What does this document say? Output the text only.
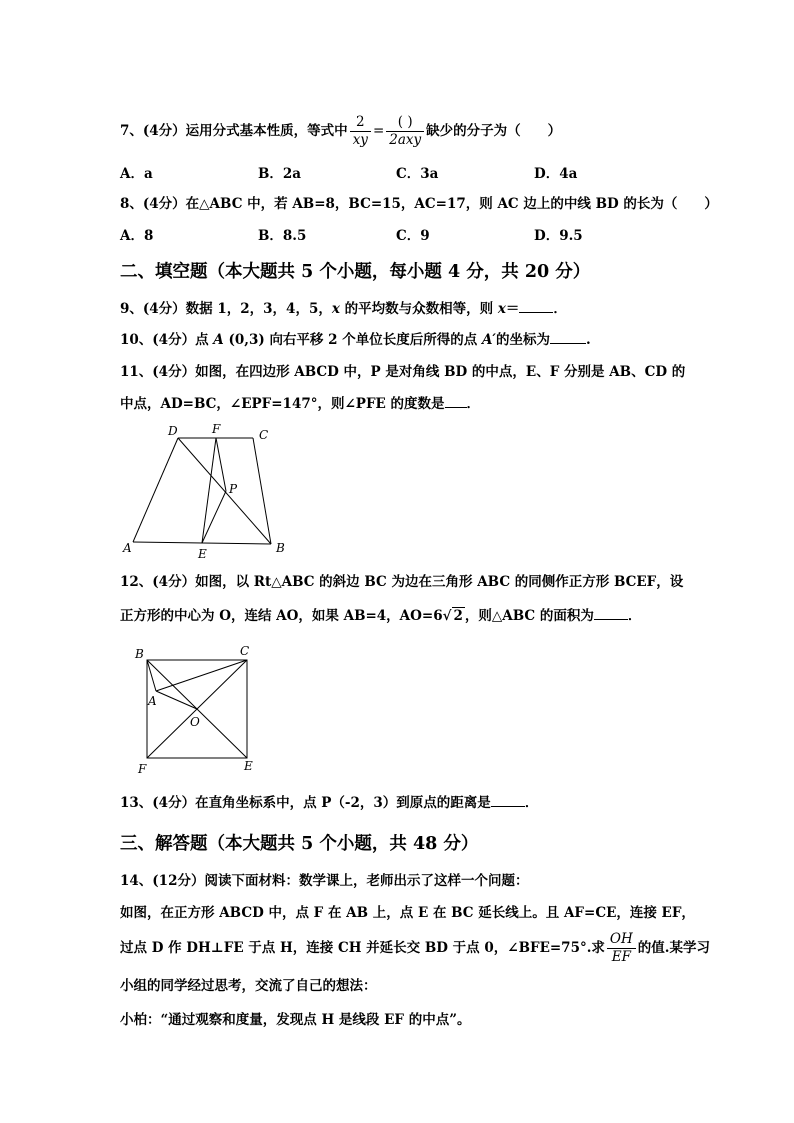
7、(4分）运用分式基本性质，等式中 $\frac{2}{xy} = \frac{( )}{\text{2axy}}$ 缺少的分子为（　　）
A．a	B．2a	C．3a	D．4a
8、(4分）在△ABC 中，若 AB=8，BC=15，AC=17，则 AC 边上的中线 BD 的长为（　　）
A．8	B．8.5	C．9	D．9.5
二、填空题（本大题共 5 个小题，每小题 4 分，共 20 分）
9、(4分）数据 1，2，3，4，5，x 的平均数与众数相等，则 x＝	．
10、(4分）点 A (0,3) 向右平移 2 个单位长度后所得的点 A′的坐标为	.
11、(4分）如图，在四边形 ABCD 中，P 是对角线 BD 的中点，E、F 分别是 AB、CD 的
中点，AD=BC，∠EPF=147°，则∠PFE 的度数是 ．
D	F	C
P
A	E	B
12、(4分）如图，以 Rt△ABC 的斜边 BC 为边在三角形 ABC 的同侧作正方形 BCEF，设
正方形的中心为 O，连结 AO，如果 AB=4，AO=6√ 2 ，则△ABC 的面积为	．
B	C
A
O
F	E
13、(4分）在直角坐标系中，点 P（-2，3）到原点的距离是	．
三、解答题（本大题共 5 个小题，共 48 分）
14、(12分）阅读下面材料：数学课上，老师出示了这样一个问题：
如图，在正方形 ABCD 中，点 F 在 AB 上，点 E 在 BC 延长线上。且 AF=CE，连接 EF，
过点 D 作 DH⊥FE 于点 H，连接 CH 并延长交 BD 于点 0，∠BFE=75°.求 $\frac{OH}{EF}$ 的值.某学习
小组的同学经过思考，交流了自己的想法：
小柏：“通过观察和度量，发现点 H 是线段 EF 的中点”。
